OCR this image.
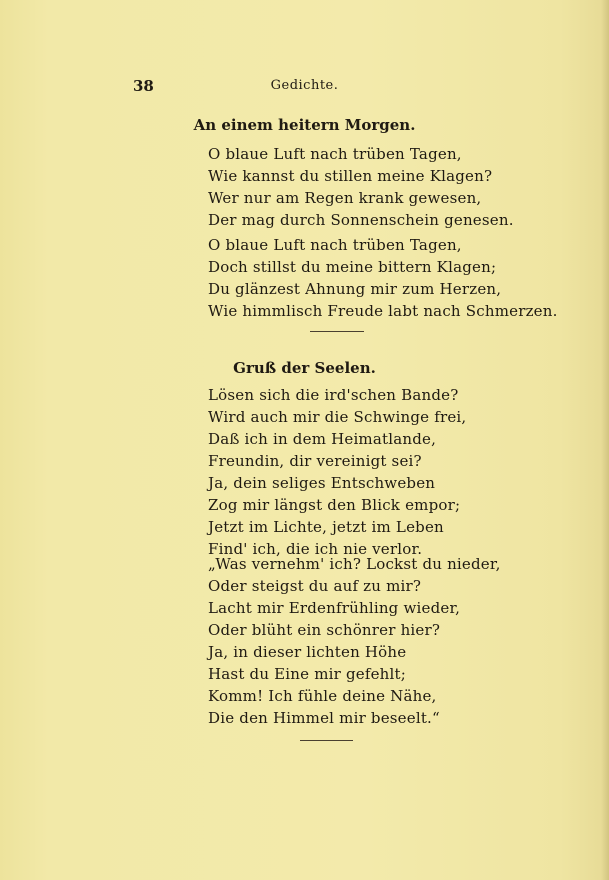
38	Gedichte.
An einem heitern Morgen.
O blaue Luft nach trüben Tagen,
Wie kannst du stillen meine Klagen?
Wer nur am Regen krank gewesen,
Der mag durch Sonnenschein genesen.
O blaue Luft nach trüben Tagen,
Doch stillst du meine bittern Klagen;
Du glänzest Ahnung mir zum Herzen,
Wie himmlisch Freude labt nach Schmerzen.
Gruß der Seelen.
Lösen sich die ird'schen Bande?
Wird auch mir die Schwinge frei,
Daß ich in dem Heimatlande,
Freundin, dir vereinigt sei?
Ja, dein seliges Entschweben
Zog mir längst den Blick empor;
Jetzt im Lichte, jetzt im Leben
Find' ich, die ich nie verlor.
„Was vernehm' ich? Lockst du nieder,
Oder steigst du auf zu mir?
Lacht mir Erdenfrühling wieder,
Oder blüht ein schönrer hier?
Ja, in dieser lichten Höhe
Hast du Eine mir gefehlt;
Komm! Ich fühle deine Nähe,
Die den Himmel mir beseelt.“
